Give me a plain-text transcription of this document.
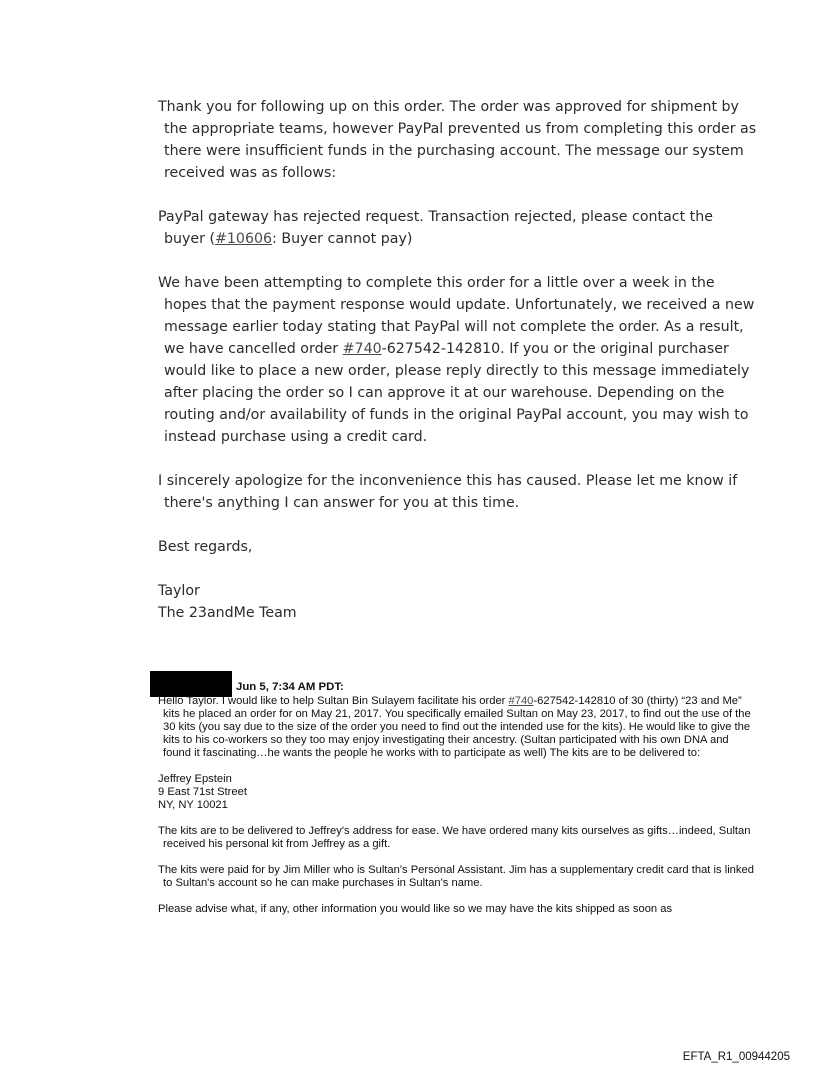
Thank you for following up on this order. The order was approved for shipment by the appropriate teams, however PayPal prevented us from completing this order as there were insufficient funds in the purchasing account. The message our system received was as follows:

PayPal gateway has rejected request. Transaction rejected, please contact the buyer (#10606: Buyer cannot pay)

We have been attempting to complete this order for a little over a week in the hopes that the payment response would update. Unfortunately, we received a new message earlier today stating that PayPal will not complete the order. As a result, we have cancelled order #740-627542-142810. If you or the original purchaser would like to place a new order, please reply directly to this message immediately after placing the order so I can approve it at our warehouse. Depending on the routing and/or availability of funds in the original PayPal account, you may wish to instead purchase using a credit card.

I sincerely apologize for the inconvenience this has caused. Please let me know if there's anything I can answer for you at this time.

Best regards,

Taylor

The 23andMe Team

Jun 5, 7:34 AM PDT:

Hello Taylor. I would like to help Sultan Bin Sulayem facilitate his order #740-627542-142810 of 30 (thirty) “23 and Me” kits he placed an order for on May 21, 2017. You specifically emailed Sultan on May 23, 2017, to find out the use of the 30 kits (you say due to the size of the order you need to find out the intended use for the kits). He would like to give the kits to his co-workers so they too may enjoy investigating their ancestry. (Sultan participated with his own DNA and found it fascinating…he wants the people he works with to participate as well) The kits are to be delivered to:

Jeffrey Epstein

9 East 71st Street

NY, NY 10021

The kits are to be delivered to Jeffrey's address for ease. We have ordered many kits ourselves as gifts…indeed, Sultan received his personal kit from Jeffrey as a gift.

The kits were paid for by Jim Miller who is Sultan's Personal Assistant. Jim has a supplementary credit card that is linked to Sultan's account so he can make purchases in Sultan's name.

Please advise what, if any, other information you would like so we may have the kits shipped as soon as

EFTA_R1_00944205
